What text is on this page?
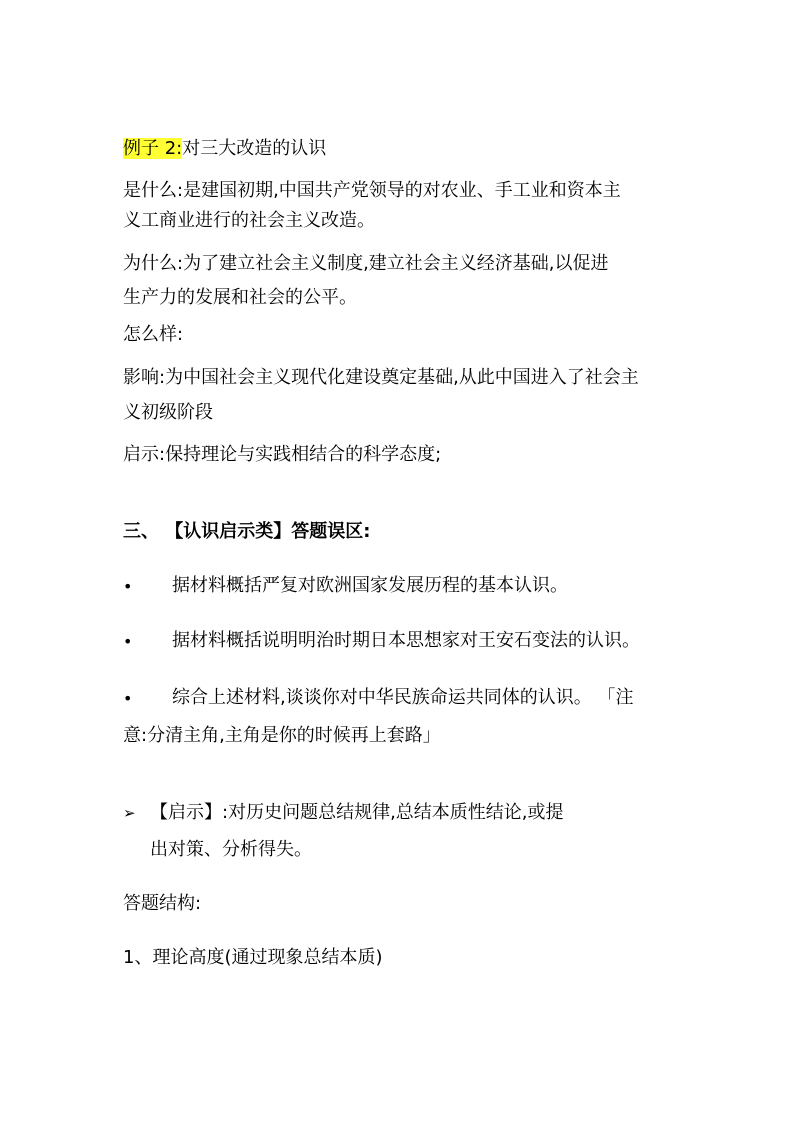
例子 2:对三大改造的认识
是什么:是建国初期,中国共产党领导的对农业、手工业和资本主
义工商业进行的社会主义改造。
为什么:为了建立社会主义制度,建立社会主义经济基础,以促进
生产力的发展和社会的公平。
怎么样:
影响:为中国社会主义现代化建设奠定基础,从此中国进入了社会主
义初级阶段
启示:保持理论与实践相结合的科学态度;
三、 【认识启示类】答题误区:
• 据材料概括严复对欧洲国家发展历程的基本认识。
• 据材料概括说明明治时期日本思想家对王安石变法的认识。
• 综合上述材料,谈谈你对中华民族命运共同体的认识。 「注
意:分清主角,主角是你的时候再上套路」
➢ 【启示】:对历史问题总结规律,总结本质性结论,或提
出对策、分析得失。
答题结构:
1、理论高度(通过现象总结本质)
